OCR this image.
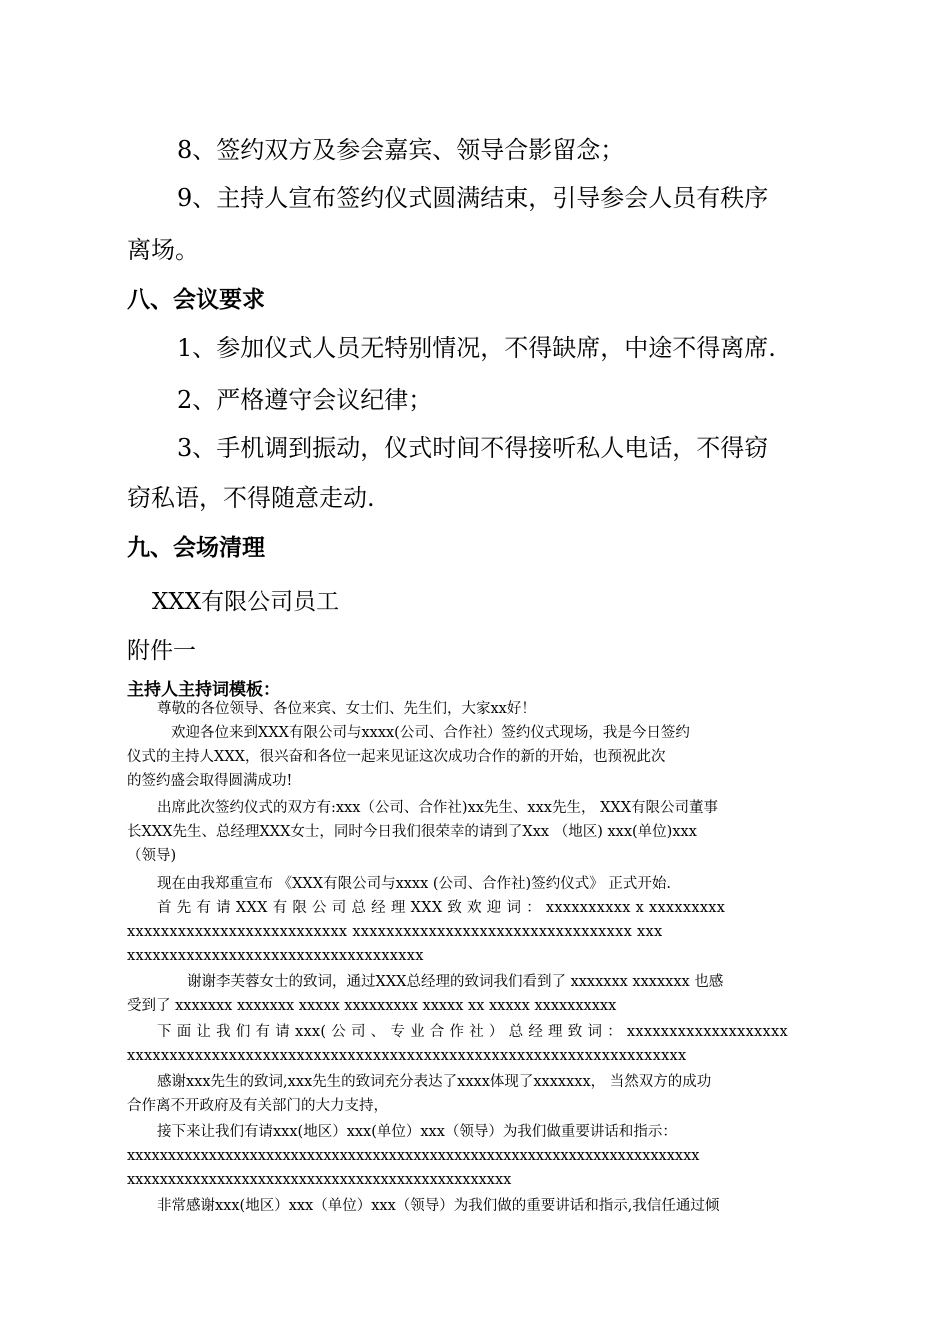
8、签约双方及参会嘉宾、领导合影留念；
9、主持人宣布签约仪式圆满结束，引导参会人员有秩序
离场。
八、会议要求
1、参加仪式人员无特别情况，不得缺席，中途不得离席.
2、严格遵守会议纪律；
3、手机调到振动，仪式时间不得接听私人电话，不得窃
窃私语，不得随意走动.
九、会场清理
XXX有限公司员工
附件一
主持人主持词模板：
尊敬的各位领导、各位来宾、女士们、先生们，大家xx好！
欢迎各位来到XXX有限公司与xxxx(公司、合作社）签约仪式现场，我是今日签约
仪式的主持人XXX，很兴奋和各位一起来见证这次成功合作的新的开始，也预祝此次
的签约盛会取得圆满成功!
出席此次签约仪式的双方有:xxx（公司、合作社)xx先生、xxx先生， XXX有限公司董事
长XXX先生、总经理XXX女士，同时今日我们很荣幸的请到了Xxx （地区) xxx(单位)xxx
（领导)
现在由我郑重宣布 《XXX有限公司与xxxx (公司、合作社)签约仪式》 正式开始.
首 先 有 请 XXX 有 限 公 司 总 经 理 XXX 致 欢 迎 词 ： xxxxxxxxxx x xxxxxxxxx
xxxxxxxxxxxxxxxxxxxxxxxxxx xxxxxxxxxxxxxxxxxxxxxxxxxxxxxxxxx xxx
xxxxxxxxxxxxxxxxxxxxxxxxxxxxxxxxxxx
谢谢李芙蓉女士的致词，通过XXX总经理的致词我们看到了 xxxxxxx xxxxxxx 也感
受到了 xxxxxxx xxxxxxx xxxxx xxxxxxxxx xxxxx xx xxxxx xxxxxxxxxx
下 面 让 我 们 有 请 xxx( 公 司 、 专 业 合 作 社 ） 总 经 理 致 词 ： xxxxxxxxxxxxxxxxxxx
xxxxxxxxxxxxxxxxxxxxxxxxxxxxxxxxxxxxxxxxxxxxxxxxxxxxxxxxxxxxxxxxxx
感谢xxx先生的致词,xxx先生的致词充分表达了xxxx体现了xxxxxxx， 当然双方的成功
合作离不开政府及有关部门的大力支持，
接下来让我们有请xxx(地区）xxx(单位）xxx（领导）为我们做重要讲话和指示：
xxxxxxxxxxxxxxxxxxxxxxxxxxxxxxxxxxxxxxxxxxxxxxxxxxxxxxxxxxxxxxxxxxxxxx
xxxxxxxxxxxxxxxxxxxxxxxxxxxxxxxxxxxxxxxxxxxxxxx
非常感谢xxx(地区）xxx（单位）xxx（领导）为我们做的重要讲话和指示,我信任通过倾
